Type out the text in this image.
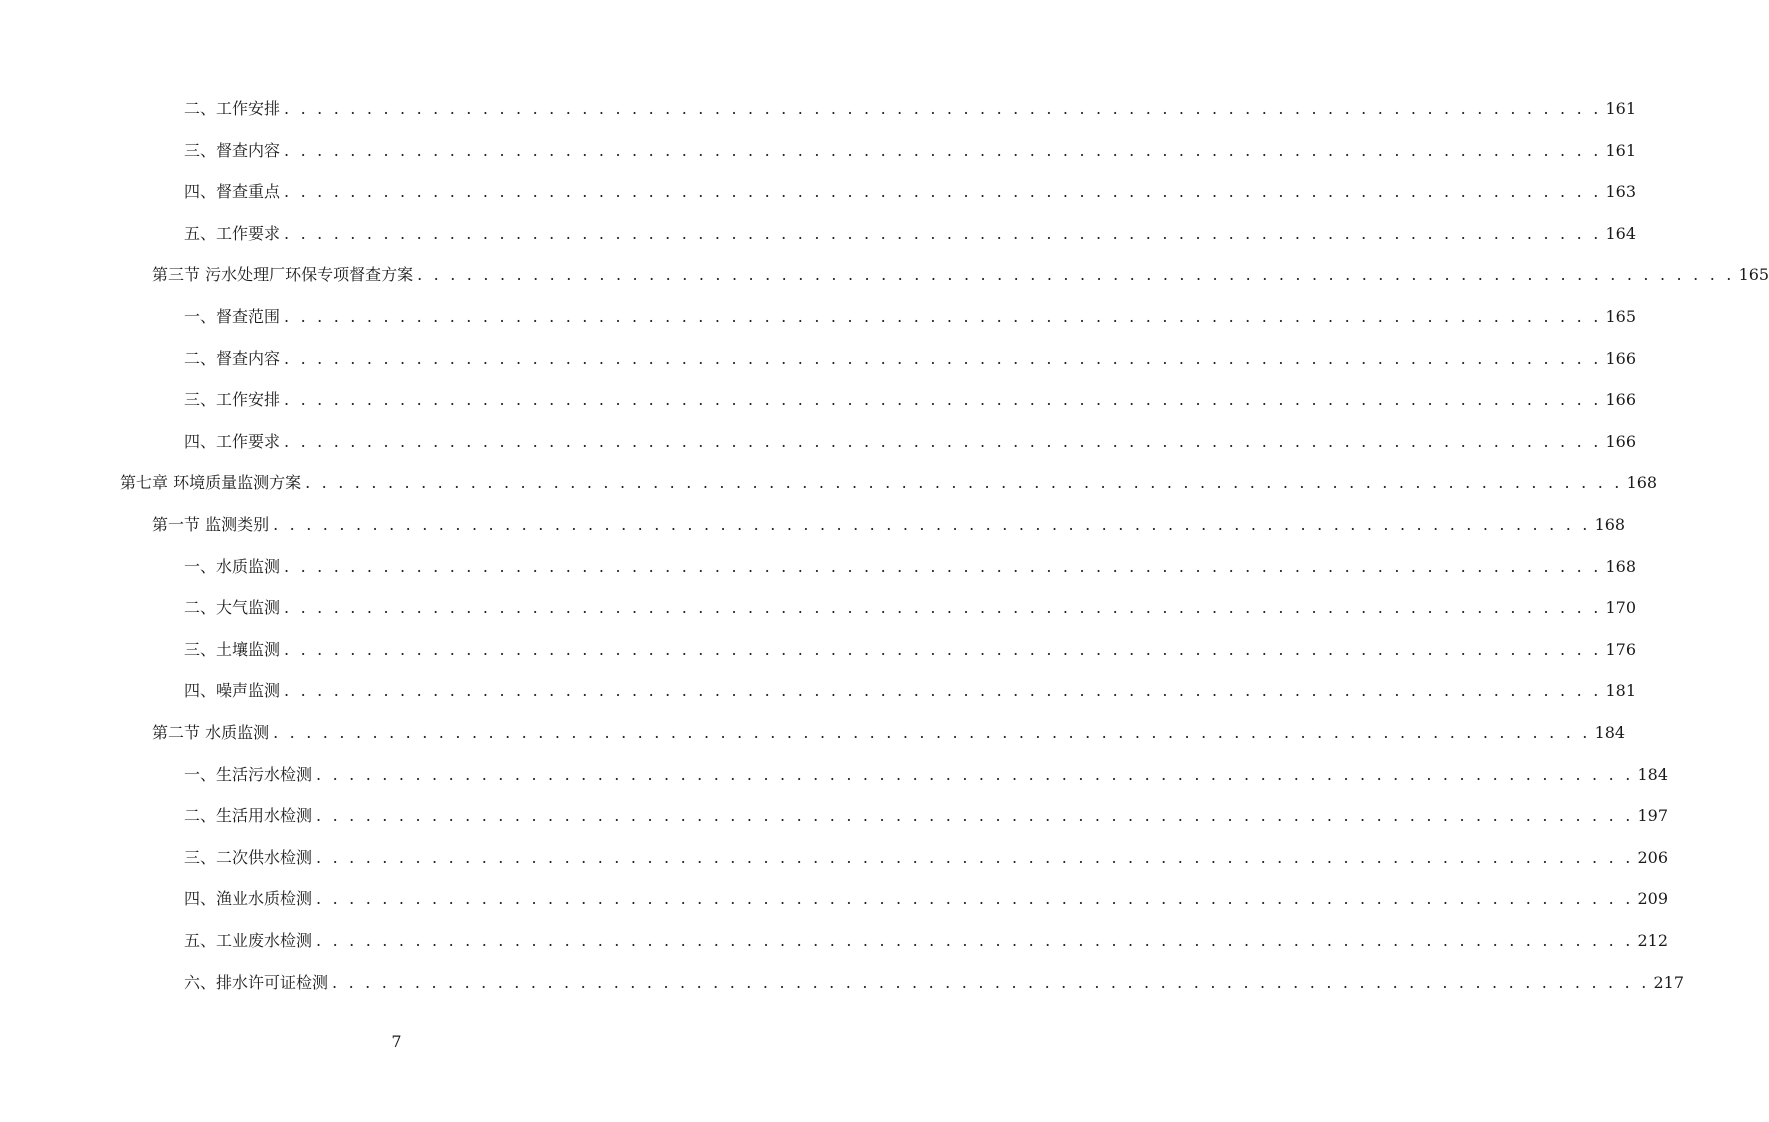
二、工作安排 . . . . . . . . . . . . . . . . . . . . . . . . . . . . . . . . . . . . . . . . . . . . . . . . . . . . . . . . . . . . . . . . . . . . . . . . . . . . . . . . 161
三、督查内容 . . . . . . . . . . . . . . . . . . . . . . . . . . . . . . . . . . . . . . . . . . . . . . . . . . . . . . . . . . . . . . . . . . . . . . . . . . . . . . . . 161
四、督查重点 . . . . . . . . . . . . . . . . . . . . . . . . . . . . . . . . . . . . . . . . . . . . . . . . . . . . . . . . . . . . . . . . . . . . . . . . . . . . . . . . 163
五、工作要求 . . . . . . . . . . . . . . . . . . . . . . . . . . . . . . . . . . . . . . . . . . . . . . . . . . . . . . . . . . . . . . . . . . . . . . . . . . . . . . . . 164
第三节 污水处理厂环保专项督查方案 . . . . . . . . . . . . . . . . . . . . . . . . . . . . . . . . . . . . . . . . . . . . . . . . . . . . . . . . . . . . . . . . . . . . . . . . . . . . . . . . 165
一、督查范围 . . . . . . . . . . . . . . . . . . . . . . . . . . . . . . . . . . . . . . . . . . . . . . . . . . . . . . . . . . . . . . . . . . . . . . . . . . . . . . . . 165
二、督查内容 . . . . . . . . . . . . . . . . . . . . . . . . . . . . . . . . . . . . . . . . . . . . . . . . . . . . . . . . . . . . . . . . . . . . . . . . . . . . . . . . 166
三、工作安排 . . . . . . . . . . . . . . . . . . . . . . . . . . . . . . . . . . . . . . . . . . . . . . . . . . . . . . . . . . . . . . . . . . . . . . . . . . . . . . . . 166
四、工作要求 . . . . . . . . . . . . . . . . . . . . . . . . . . . . . . . . . . . . . . . . . . . . . . . . . . . . . . . . . . . . . . . . . . . . . . . . . . . . . . . . 166
第七章 环境质量监测方案 . . . . . . . . . . . . . . . . . . . . . . . . . . . . . . . . . . . . . . . . . . . . . . . . . . . . . . . . . . . . . . . . . . . . . . . . . . . . . . . . 168
第一节 监测类别 . . . . . . . . . . . . . . . . . . . . . . . . . . . . . . . . . . . . . . . . . . . . . . . . . . . . . . . . . . . . . . . . . . . . . . . . . . . . . . . . 168
一、水质监测 . . . . . . . . . . . . . . . . . . . . . . . . . . . . . . . . . . . . . . . . . . . . . . . . . . . . . . . . . . . . . . . . . . . . . . . . . . . . . . . . 168
二、大气监测 . . . . . . . . . . . . . . . . . . . . . . . . . . . . . . . . . . . . . . . . . . . . . . . . . . . . . . . . . . . . . . . . . . . . . . . . . . . . . . . . 170
三、土壤监测 . . . . . . . . . . . . . . . . . . . . . . . . . . . . . . . . . . . . . . . . . . . . . . . . . . . . . . . . . . . . . . . . . . . . . . . . . . . . . . . . 176
四、噪声监测 . . . . . . . . . . . . . . . . . . . . . . . . . . . . . . . . . . . . . . . . . . . . . . . . . . . . . . . . . . . . . . . . . . . . . . . . . . . . . . . . 181
第二节 水质监测 . . . . . . . . . . . . . . . . . . . . . . . . . . . . . . . . . . . . . . . . . . . . . . . . . . . . . . . . . . . . . . . . . . . . . . . . . . . . . . . . 184
一、生活污水检测 . . . . . . . . . . . . . . . . . . . . . . . . . . . . . . . . . . . . . . . . . . . . . . . . . . . . . . . . . . . . . . . . . . . . . . . . . . . . . . . . 184
二、生活用水检测 . . . . . . . . . . . . . . . . . . . . . . . . . . . . . . . . . . . . . . . . . . . . . . . . . . . . . . . . . . . . . . . . . . . . . . . . . . . . . . . . 197
三、二次供水检测 . . . . . . . . . . . . . . . . . . . . . . . . . . . . . . . . . . . . . . . . . . . . . . . . . . . . . . . . . . . . . . . . . . . . . . . . . . . . . . . . 206
四、渔业水质检测 . . . . . . . . . . . . . . . . . . . . . . . . . . . . . . . . . . . . . . . . . . . . . . . . . . . . . . . . . . . . . . . . . . . . . . . . . . . . . . . . 209
五、工业废水检测 . . . . . . . . . . . . . . . . . . . . . . . . . . . . . . . . . . . . . . . . . . . . . . . . . . . . . . . . . . . . . . . . . . . . . . . . . . . . . . . . 212
六、排水许可证检测 . . . . . . . . . . . . . . . . . . . . . . . . . . . . . . . . . . . . . . . . . . . . . . . . . . . . . . . . . . . . . . . . . . . . . . . . . . . . . . . . 217
7
